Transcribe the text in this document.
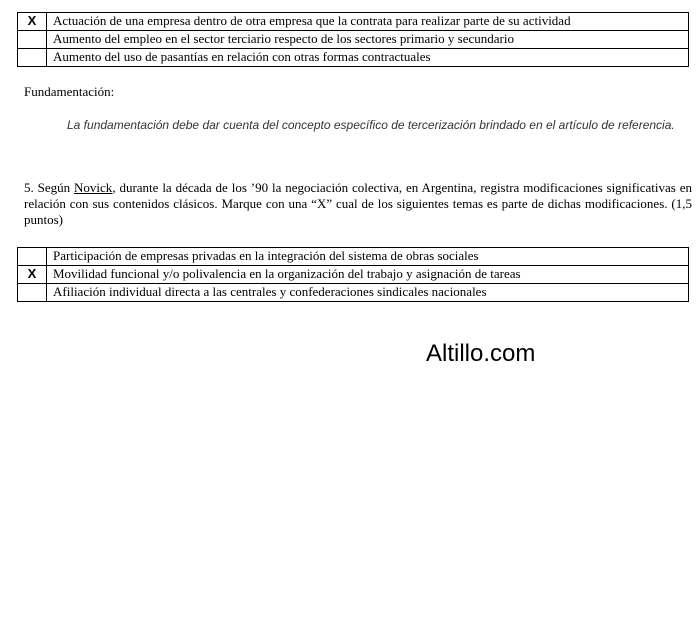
X	Actuación de una empresa dentro de otra empresa que la contrata para realizar parte de su actividad
	Aumento del empleo en el sector terciario respecto de los sectores primario y secundario
	Aumento del uso de pasantías en relación con otras formas contractuales
Fundamentación:
La fundamentación debe dar cuenta del concepto específico de tercerización brindado en el artículo de referencia.
5. Según Novick, durante la década de los ’90 la negociación colectiva, en Argentina, registra modificaciones significativas en relación con sus contenidos clásicos. Marque con una “X” cual de los siguientes temas es parte de dichas modificaciones. (1,5 puntos)
	Participación de empresas privadas en la integración del sistema de obras sociales
X	Movilidad funcional y/o polivalencia en la organización del trabajo y asignación de tareas
	Afiliación individual directa a las centrales y confederaciones sindicales nacionales
Altillo.com
